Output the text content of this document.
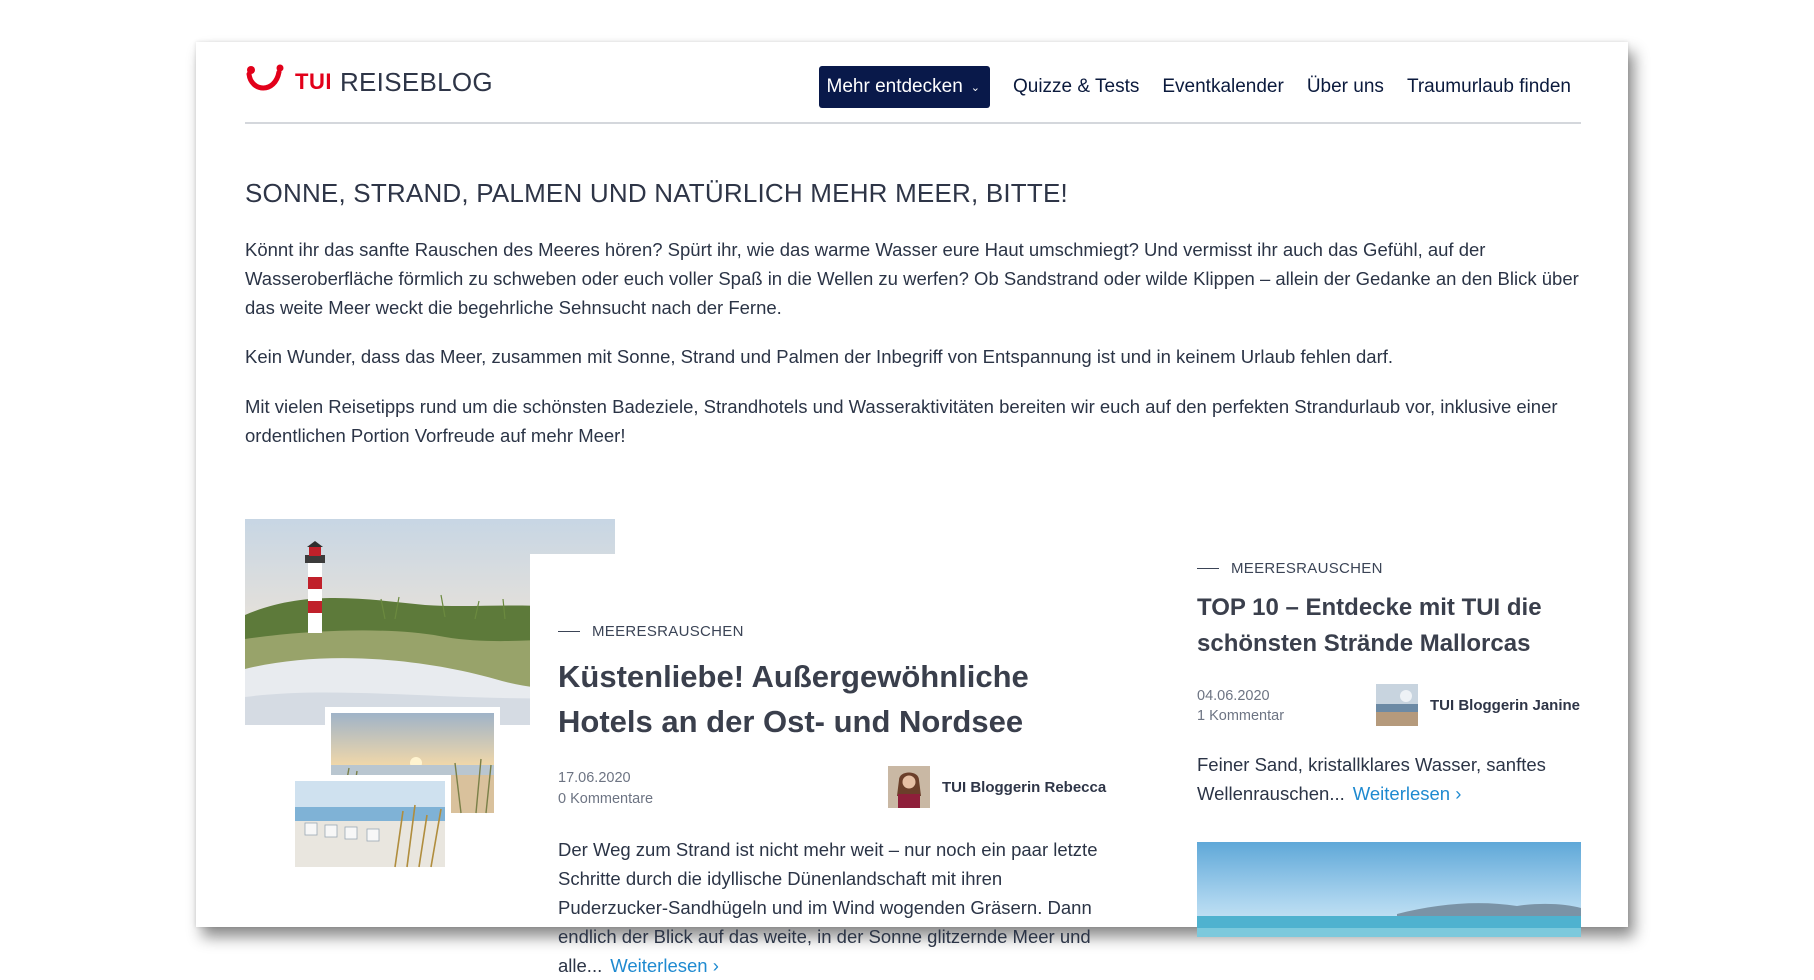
TUI REISEBLOG	Mehr entdecken ⌄ Quizze & Tests Eventkalender Über uns Traumurlaub finden
SONNE, STRAND, PALMEN UND NATÜRLICH MEHR MEER, BITTE!

Könnt ihr das sanfte Rauschen des Meeres hören? Spürt ihr, wie das warme Wasser eure Haut umschmiegt? Und vermisst ihr auch das Gefühl, auf der Wasseroberfläche förmlich zu schweben oder euch voller Spaß in die Wellen zu werfen? Ob Sandstrand oder wilde Klippen – allein der Gedanke an den Blick über das weite Meer weckt die begehrliche Sehnsucht nach der Ferne.

Kein Wunder, dass das Meer, zusammen mit Sonne, Strand und Palmen der Inbegriff von Entspannung ist und in keinem Urlaub fehlen darf.

Mit vielen Reisetipps rund um die schönsten Badeziele, Strandhotels und Wasseraktivitäten bereiten wir euch auf den perfekten Strandurlaub vor, inklusive einer ordentlichen Portion Vorfreude auf mehr Meer!

MEERESRAUSCHEN
Küstenliebe! Außergewöhnliche Hotels an der Ost- und Nordsee
17.06.2020
0 Kommentare
TUI Bloggerin Rebecca

Der Weg zum Strand ist nicht mehr weit – nur noch ein paar letzte Schritte durch die idyllische Dünenlandschaft mit ihren Puderzucker-Sandhügeln und im Wind wogenden Gräsern. Dann endlich der Blick auf das weite, in der Sonne glitzernde Meer und alle... Weiterlesen ›

MEERESRAUSCHEN
TOP 10 – Entdecke mit TUI die schönsten Strände Mallorcas
04.06.2020
1 Kommentar
TUI Bloggerin Janine

Feiner Sand, kristallklares Wasser, sanftes Wellenrauschen... Weiterlesen ›
